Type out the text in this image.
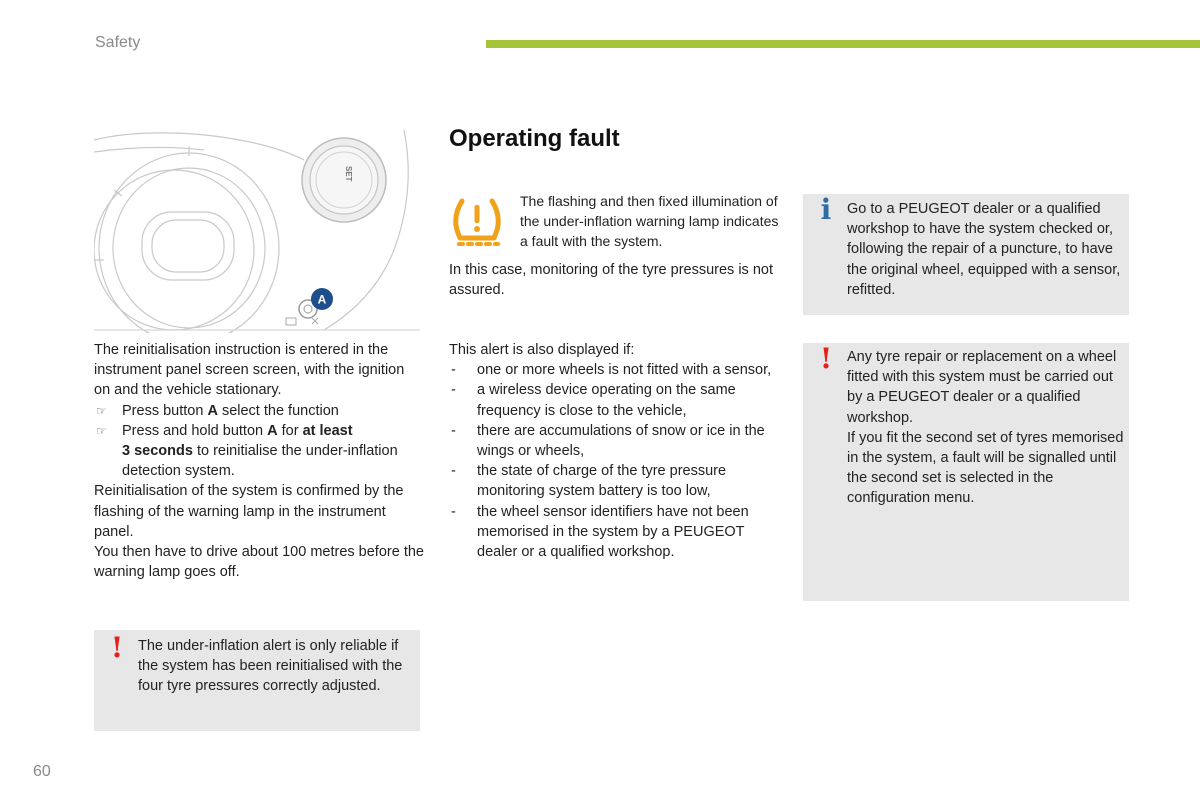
Safety
SET
A

The reinitialisation instruction is entered in the instrument panel screen screen, with the ignition on and the vehicle stationary.

☞	Press button A select the function
☞	Press and hold button A for at least
3 seconds to reinitialise the under-inflation detection system.

Reinitialisation of the system is confirmed by the flashing of the warning lamp in the instrument panel.

You then have to drive about 100 metres before the warning lamp goes off.

!	The under-inflation alert is only reliable if the system has been reinitialised with the four tyre pressures correctly adjusted.
Operating fault
The flashing and then fixed illumination of the under-inflation warning lamp indicates a fault with the system.
In this case, monitoring of the tyre pressures is not assured.

This alert is also displayed if:

-	one or more wheels is not fitted with a sensor,
-	a wireless device operating on the same frequency is close to the vehicle,
-	there are accumulations of snow or ice in the wings or wheels,
-	the state of charge of the tyre pressure monitoring system battery is too low,
-	the wheel sensor identifiers have not been memorised in the system by a PEUGEOT dealer or a qualified workshop.
i	Go to a PEUGEOT dealer or a qualified workshop to have the system checked or, following the repair of a puncture, to have the original wheel, equipped with a sensor, refitted.
!	Any tyre repair or replacement on a wheel fitted with this system must be carried out by a PEUGEOT dealer or a qualified workshop.

If you fit the second set of tyres memorised in the system, a fault will be signalled until the second set is selected in the configuration menu.

60
